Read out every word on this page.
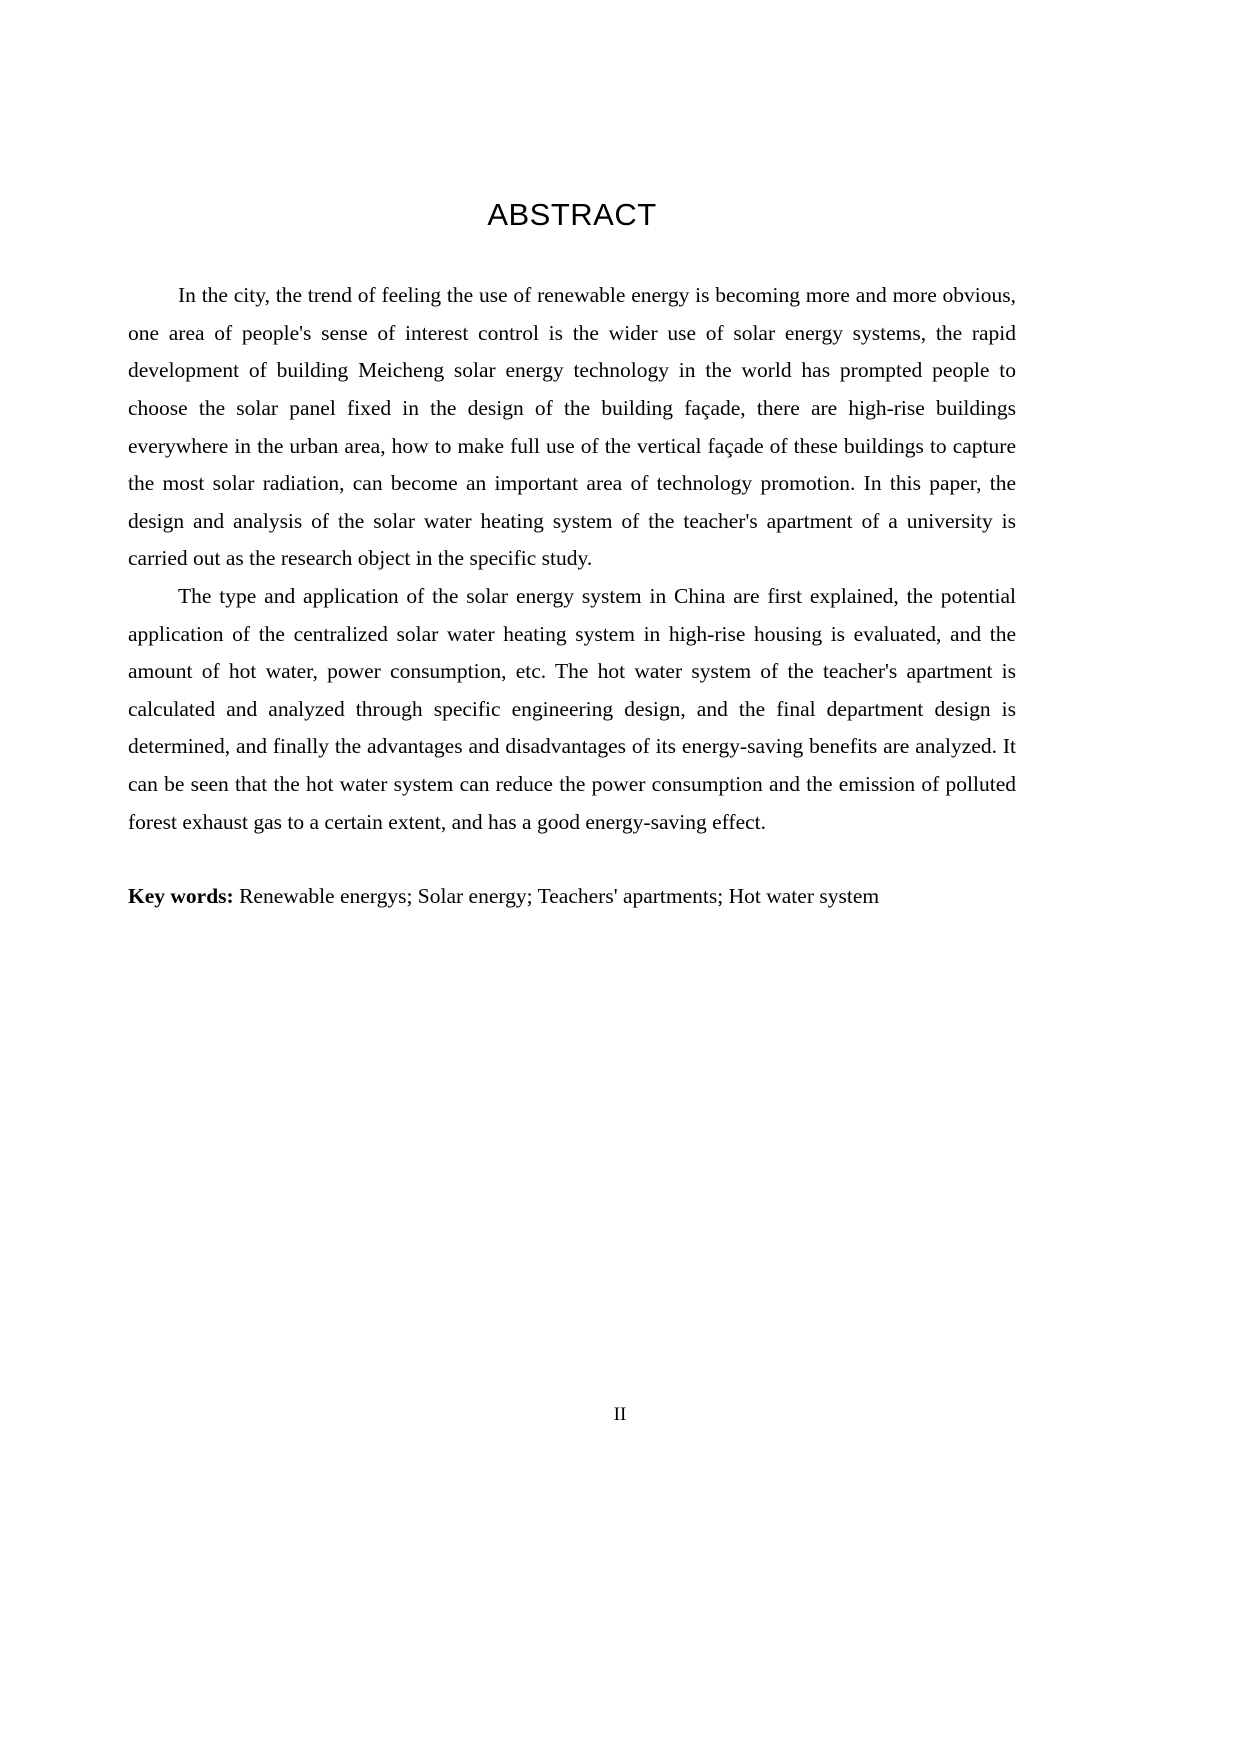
ABSTRACT

In the city, the trend of feeling the use of renewable energy is becoming more and more obvious, one area of people's sense of interest control is the wider use of solar energy systems, the rapid development of building Meicheng solar energy technology in the world has prompted people to choose the solar panel fixed in the design of the building façade, there are high-rise buildings everywhere in the urban area, how to make full use of the vertical façade of these buildings to capture the most solar radiation, can become an important area of technology promotion. In this paper, the design and analysis of the solar water heating system of the teacher's apartment of a university is carried out as the research object in the specific study.

The type and application of the solar energy system in China are first explained, the potential application of the centralized solar water heating system in high-rise housing is evaluated, and the amount of hot water, power consumption, etc. The hot water system of the teacher's apartment is calculated and analyzed through specific engineering design, and the final department design is determined, and finally the advantages and disadvantages of its energy-saving benefits are analyzed. It can be seen that the hot water system can reduce the power consumption and the emission of polluted forest exhaust gas to a certain extent, and has a good energy-saving effect.

Key words: Renewable energys; Solar energy; Teachers' apartments; Hot water system

II
